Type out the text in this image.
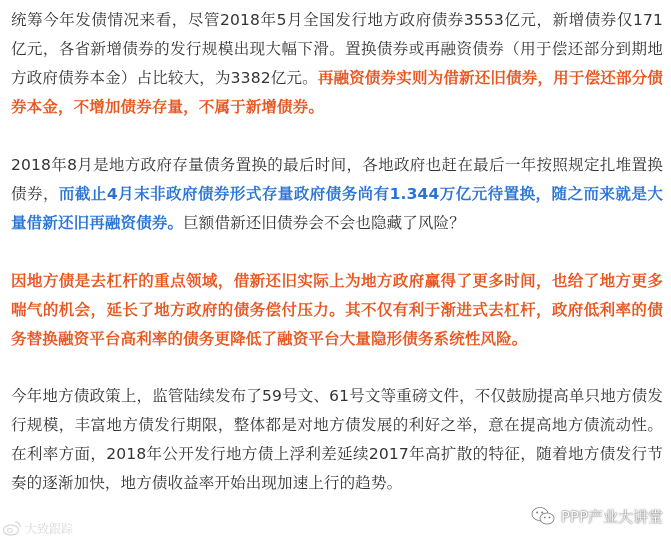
统筹今年发债情况来看，尽管2018年5月全国发行地方政府债券3553亿元，新增债券仅171亿元，各省新增债券的发行规模出现大幅下滑。置换债券或再融资债券（用于偿还部分到期地方政府债券本金）占比较大，为3382亿元。再融资债券实则为借新还旧债券，用于偿还部分债券本金，不增加债券存量，不属于新增债券。

2018年8月是地方政府存量债务置换的最后时间，各地政府也赶在最后一年按照规定扎堆置换债券，而截止4月末非政府债券形式存量政府债务尚有1.344万亿元待置换，随之而来就是大量借新还旧再融资债券。巨额借新还旧债券会不会也隐藏了风险？

因地方债是去杠杆的重点领域，借新还旧实际上为地方政府赢得了更多时间，也给了地方更多喘气的机会，延长了地方政府的债务偿付压力。其不仅有利于渐进式去杠杆，政府低利率的债务替换融资平台高利率的债务更降低了融资平台大量隐形债务系统性风险。

今年地方债政策上，监管陆续发布了59号文、61号文等重磅文件，不仅鼓励提高单只地方债发行规模，丰富地方债发行期限，整体都是对地方债发展的利好之举，意在提高地方债流动性。在利率方面，2018年公开发行地方债上浮利差延续2017年高扩散的特征，随着地方债发行节奏的逐渐加快，地方债收益率开始出现加速上行的趋势。

大致跟踪
PPP产业大讲堂
